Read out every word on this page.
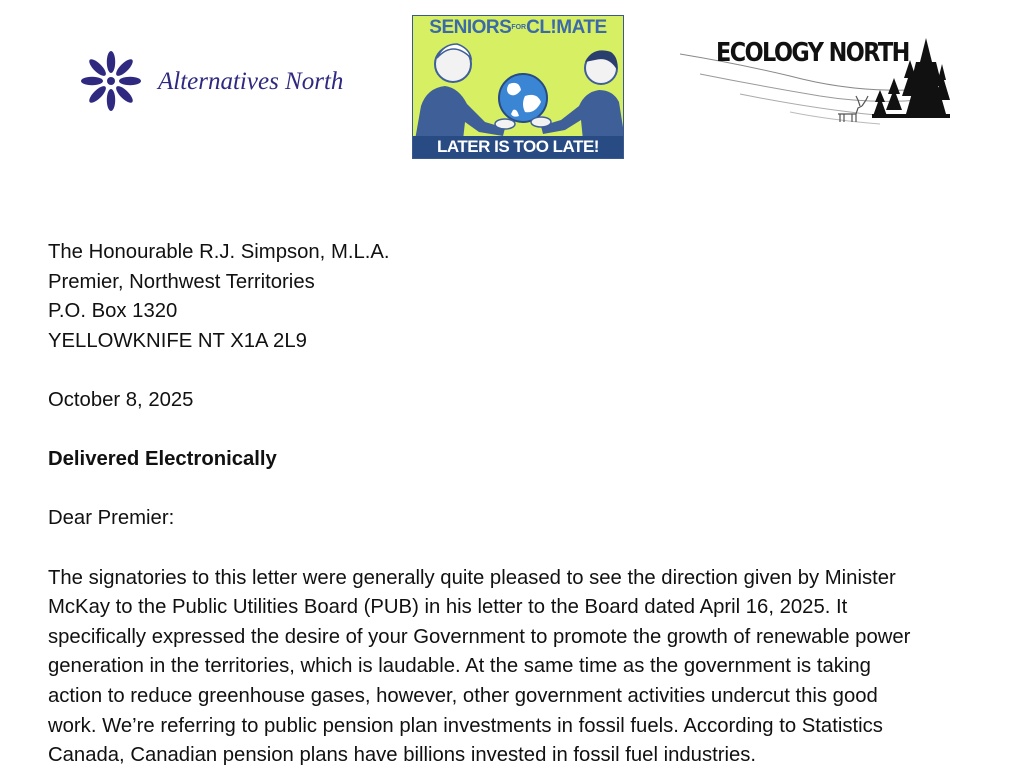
Alternatives North
SENIORSFORCL!MATE
LATER IS TOO LATE!
ECOLOGY NORTH

The Honourable R.J. Simpson, M.L.A.

Premier, Northwest Territories

P.O. Box 1320

YELLOWKNIFE NT X1A 2L9

October 8, 2025

Delivered Electronically

Dear Premier:

The signatories to this letter were generally quite pleased to see the direction given by Minister

McKay to the Public Utilities Board (PUB) in his letter to the Board dated April 16, 2025. It

specifically expressed the desire of your Government to promote the growth of renewable power

generation in the territories, which is laudable. At the same time as the government is taking

action to reduce greenhouse gases, however, other government activities undercut this good

work. We’re referring to public pension plan investments in fossil fuels. According to Statistics

Canada, Canadian pension plans have billions invested in fossil fuel industries.
